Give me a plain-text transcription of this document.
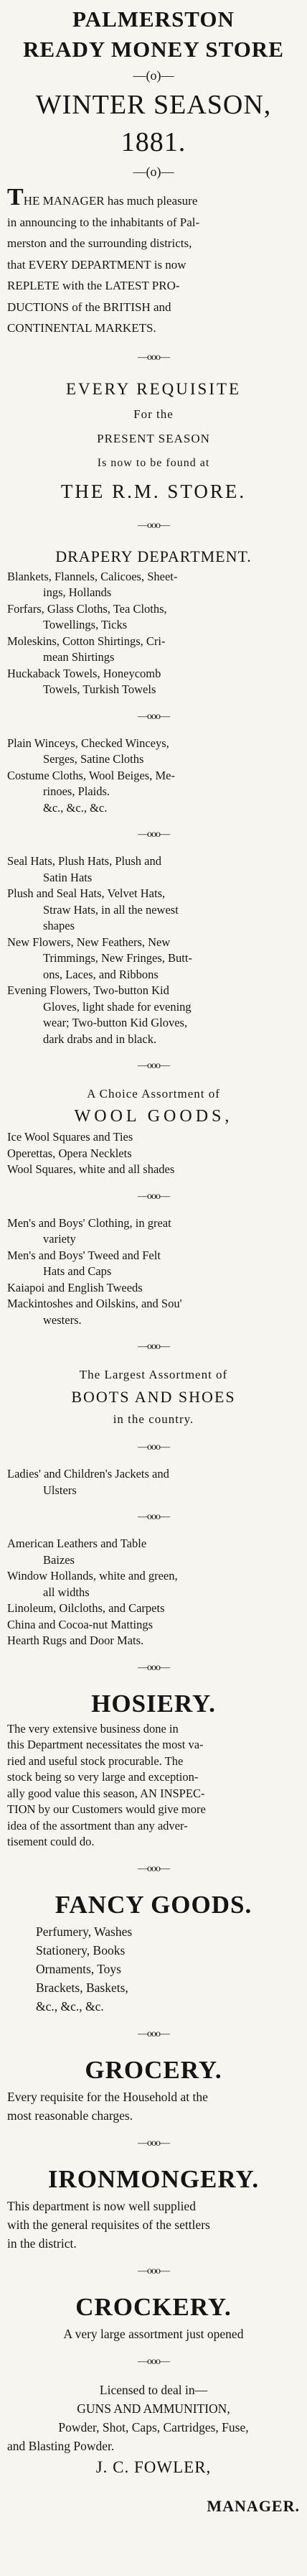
PALMERSTON

READY MONEY STORE

—(o)—

WINTER SEASON,

1881.

—(o)—

THE MANAGER has much pleasure

in announcing to the inhabitants of Pal-

merston and the surrounding districts,

that EVERY DEPARTMENT is now

REPLETE with the LATEST PRO-

DUCTIONS of the BRITISH and

CONTINENTAL MARKETS.

—ooo—

EVERY REQUISITE

For the

PRESENT SEASON

Is now to be found at

THE R.M. STORE.

—ooo—

DRAPERY DEPARTMENT.

Blankets, Flannels, Calicoes, Sheet-

ings, Hollands

Forfars, Glass Cloths, Tea Cloths,

Towellings, Ticks

Moleskins, Cotton Shirtings, Cri-

mean Shirtings

Huckaback Towels, Honeycomb

Towels, Turkish Towels

—ooo—

Plain Winceys, Checked Winceys,

Serges, Satine Cloths

Costume Cloths, Wool Beiges, Me-

rinoes, Plaids.

&c., &c., &c.

—ooo—

Seal Hats, Plush Hats, Plush and

Satin Hats

Plush and Seal Hats, Velvet Hats,

Straw Hats, in all the newest

shapes

New Flowers, New Feathers, New

Trimmings, New Fringes, Butt-

ons, Laces, and Ribbons

Evening Flowers, Two-button Kid

Gloves, light shade for evening

wear; Two-button Kid Gloves,

dark drabs and in black.

—ooo—

A Choice Assortment of

WOOL GOODS,

Ice Wool Squares and Ties

Operettas, Opera Necklets

Wool Squares, white and all shades

—ooo—

Men's and Boys' Clothing, in great

variety

Men's and Boys' Tweed and Felt

Hats and Caps

Kaiapoi and English Tweeds

Mackintoshes and Oilskins, and Sou'

westers.

—ooo—

The Largest Assortment of

BOOTS AND SHOES

in the country.

—ooo—

Ladies' and Children's Jackets and

Ulsters

—ooo—

American Leathers and Table

Baizes

Window Hollands, white and green,

all widths

Linoleum, Oilcloths, and Carpets

China and Cocoa-nut Mattings

Hearth Rugs and Door Mats.

—ooo—

HOSIERY.

The very extensive business done in

this Department necessitates the most va-

ried and useful stock procurable. The

stock being so very large and exception-

ally good value this season, AN INSPEC-

TION by our Customers would give more

idea of the assortment than any adver-

tisement could do.

—ooo—

FANCY GOODS.

Perfumery, Washes

Stationery, Books

Ornaments, Toys

Brackets, Baskets,

&c., &c., &c.

—ooo—

GROCERY.

Every requisite for the Household at the

most reasonable charges.

—ooo—

IRONMONGERY.

This department is now well supplied

with the general requisites of the settlers

in the district.

—ooo—

CROCKERY.

A very large assortment just opened

—ooo—

Licensed to deal in—

GUNS AND AMMUNITION,

Powder, Shot, Caps, Cartridges, Fuse,

and Blasting Powder.

J. C. FOWLER,

MANAGER.
